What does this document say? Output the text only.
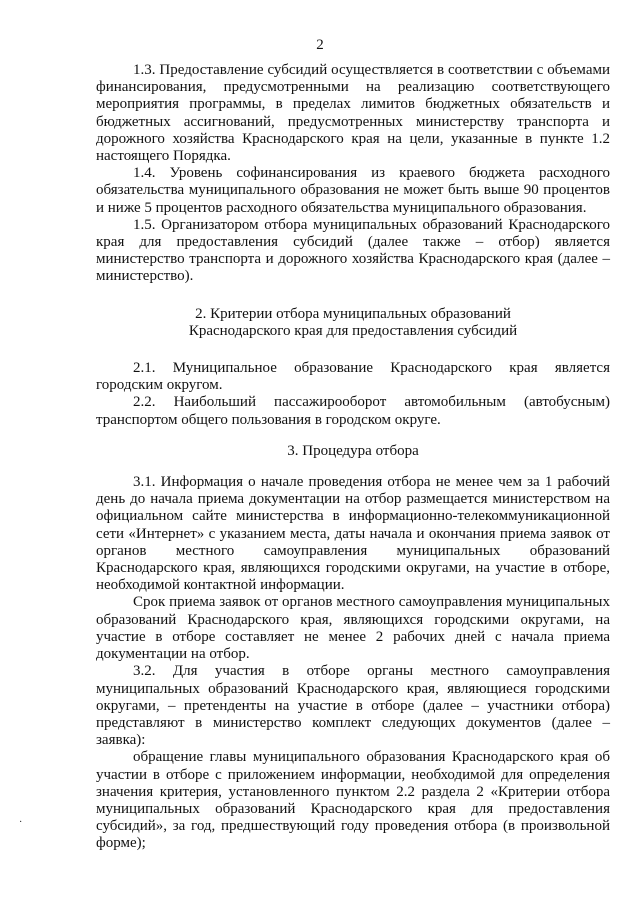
2

1.3. Предоставление субсидий осуществляется в соответствии с объемами финансирования, предусмотренными на реализацию соответствующего мероприятия программы, в пределах лимитов бюджетных обязательств и бюджетных ассигнований, предусмотренных министерству транспорта и дорожного хозяйства Краснодарского края на цели, указанные в пункте 1.2 настоящего Порядка.

1.4. Уровень софинансирования из краевого бюджета расходного обязательства муниципального образования не может быть выше 90 процентов и ниже 5 процентов расходного обязательства муниципального образования.

1.5. Организатором отбора муниципальных образований Краснодарского края для предоставления субсидий (далее также – отбор) является министерство транспорта и дорожного хозяйства Краснодарского края (далее – министерство).

2. Критерии отбора муниципальных образований

Краснодарского края для предоставления субсидий

2.1. Муниципальное образование Краснодарского края является городским округом.

2.2. Наибольший пассажирооборот автомобильным (автобусным) транспортом общего пользования в городском округе.

3. Процедура отбора

3.1. Информация о начале проведения отбора не менее чем за 1 рабочий день до начала приема документации на отбор размещается министерством на официальном сайте министерства в информационно-телекоммуникационной сети «Интернет» с указанием места, даты начала и окончания приема заявок от органов местного самоуправления муниципальных образований Краснодарского края, являющихся городскими округами, на участие в отборе, необходимой контактной информации.

Срок приема заявок от органов местного самоуправления муниципальных образований Краснодарского края, являющихся городскими округами, на участие в отборе составляет не менее 2 рабочих дней с начала приема документации на отбор.

3.2. Для участия в отборе органы местного самоуправления муниципальных образований Краснодарского края, являющиеся городскими округами, – претенденты на участие в отборе (далее – участники отбора) представляют в министерство комплект следующих документов (далее – заявка):

обращение главы муниципального образования Краснодарского края об участии в отборе с приложением информации, необходимой для определения значения критерия, установленного пунктом 2.2 раздела 2 «Критерии отбора муниципальных образований Краснодарского края для предоставления субсидий», за год, предшествующий году проведения отбора (в произвольной форме);

·
